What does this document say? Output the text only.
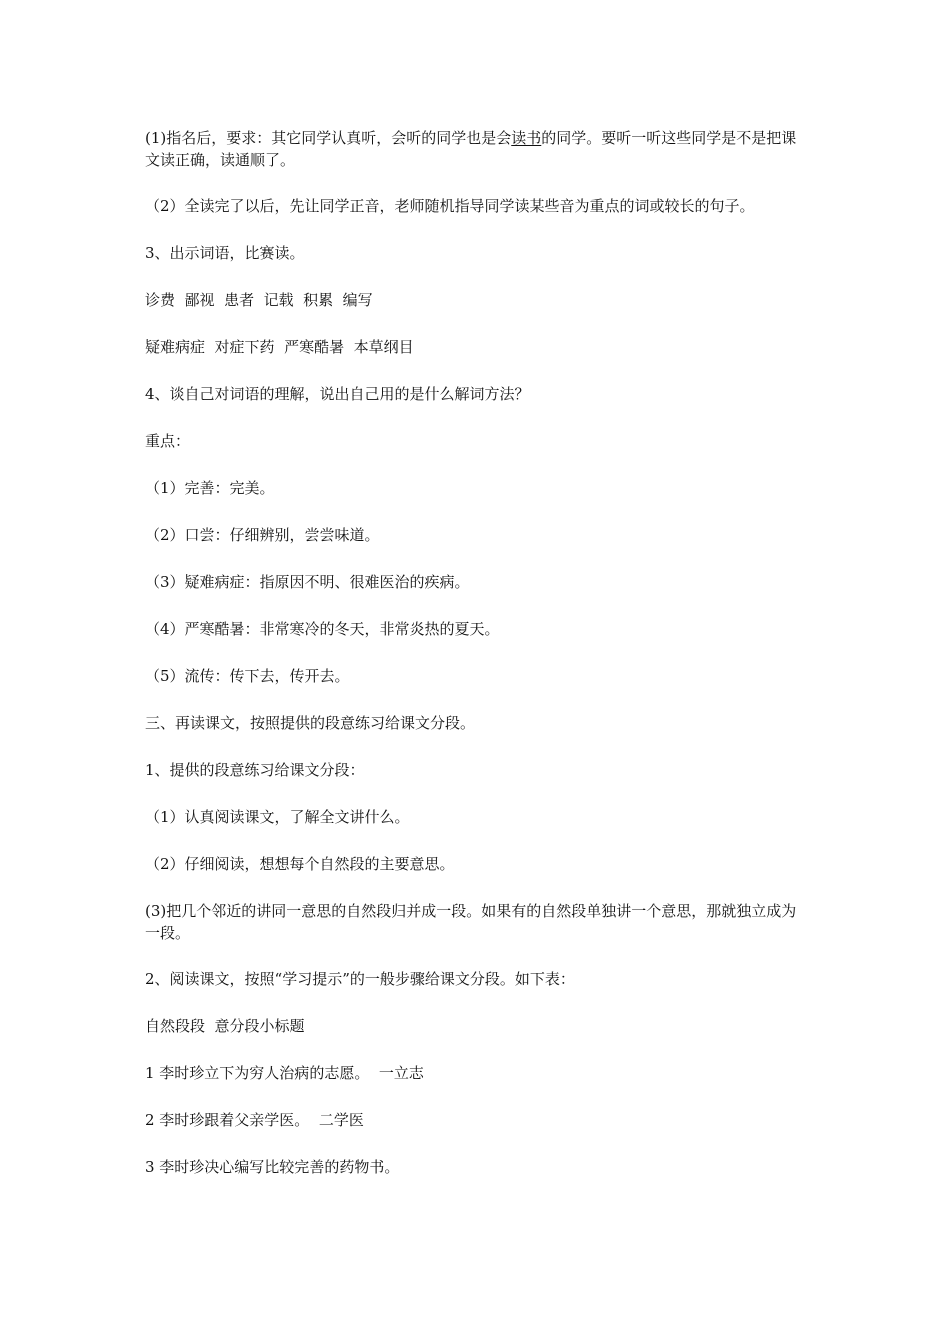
(1)指名后，要求：其它同学认真听，会听的同学也是会读书的同学。要听一听这些同学是不是把课文读正确，读通顺了。

（2）全读完了以后，先让同学正音，老师随机指导同学读某些音为重点的词或较长的句子。

3、出示词语，比赛读。

诊费  鄙视  患者  记载  积累  编写

疑难病症  对症下药  严寒酷暑  本草纲目

4、谈自己对词语的理解，说出自己用的是什么解词方法？

重点：

（1）完善：完美。

（2）口尝：仔细辨别，尝尝味道。

（3）疑难病症：指原因不明、很难医治的疾病。

（4）严寒酷暑：非常寒冷的冬天，非常炎热的夏天。

（5）流传：传下去，传开去。

三、再读课文，按照提供的段意练习给课文分段。

1、提供的段意练习给课文分段：

（1）认真阅读课文，了解全文讲什么。

（2）仔细阅读，想想每个自然段的主要意思。

(3)把几个邻近的讲同一意思的自然段归并成一段。如果有的自然段单独讲一个意思，那就独立成为一段。

2、阅读课文，按照“学习提示”的一般步骤给课文分段。如下表：

自然段段  意分段小标题

1 李时珍立下为穷人治病的志愿。  一立志

2 李时珍跟着父亲学医。  二学医

3 李时珍决心编写比较完善的药物书。
